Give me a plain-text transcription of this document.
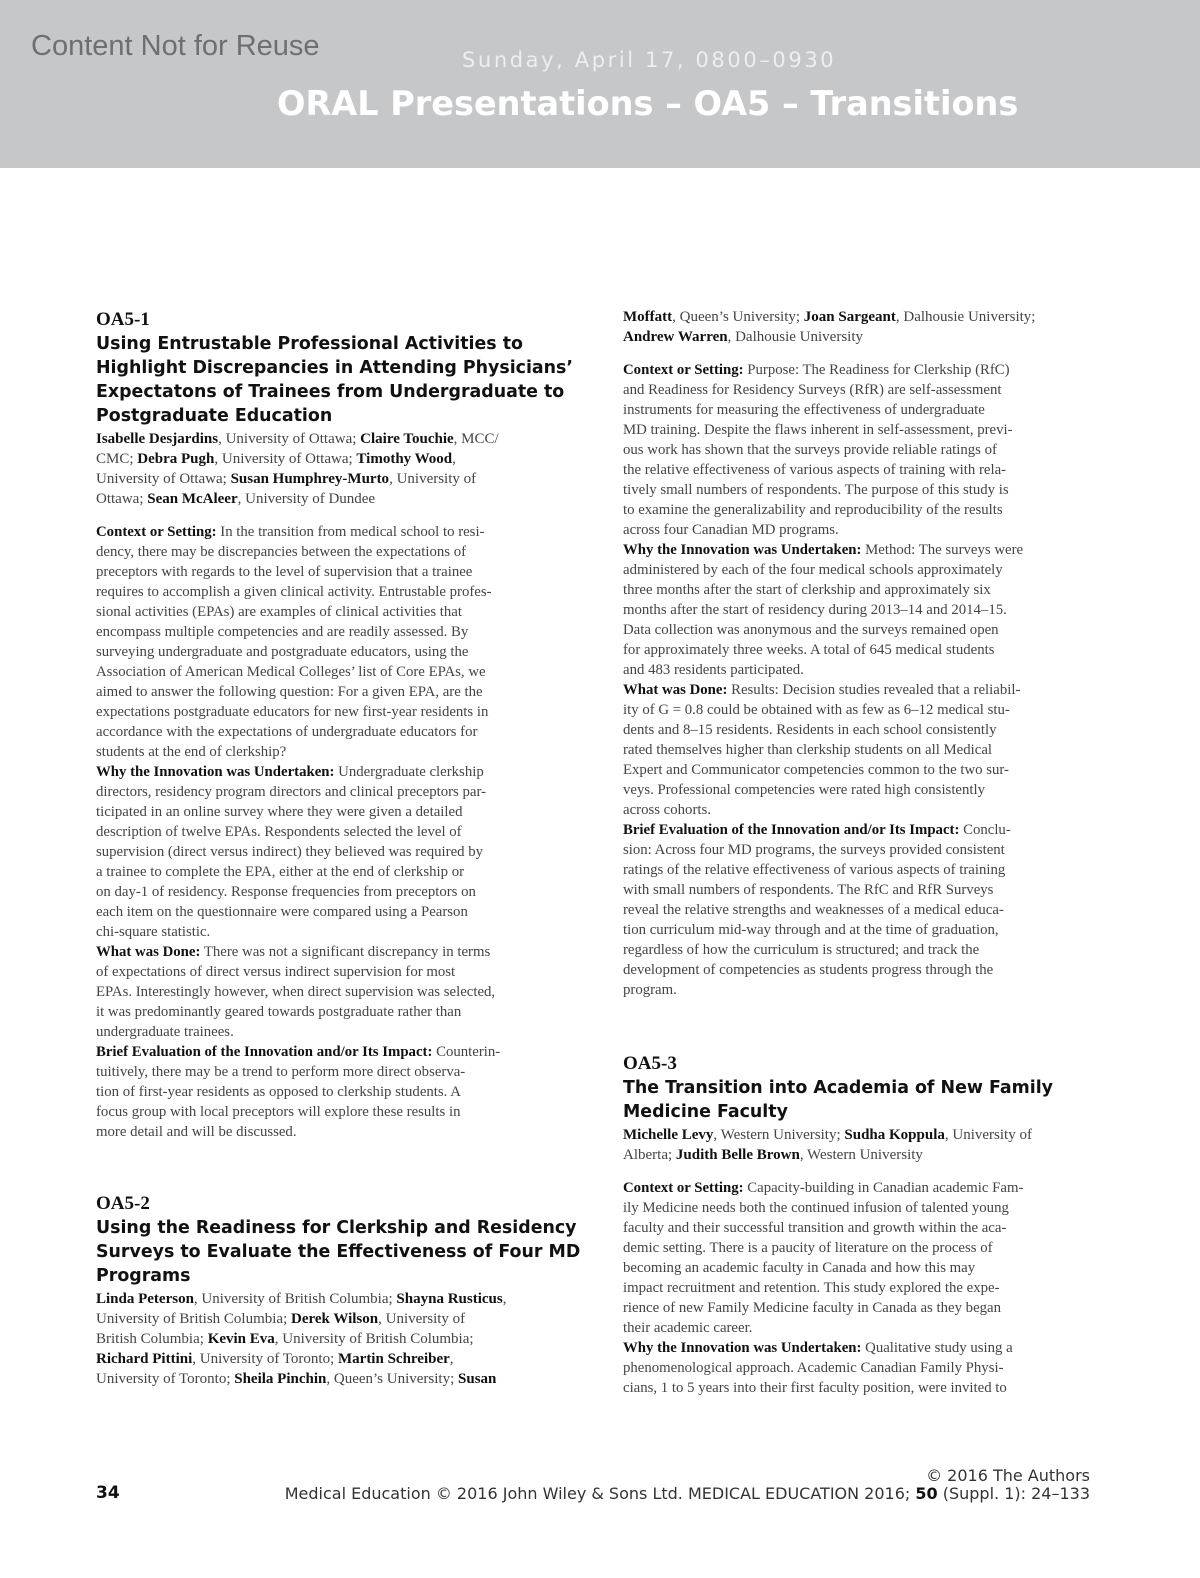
Content Not for Reuse	Sunday, April 17, 0800–0930
ORAL Presentations – OA5 – Transitions
OA5-1
Using Entrustable Professional Activities to
Highlight Discrepancies in Attending Physicians’
Expectatons of Trainees from Undergraduate to
Postgraduate Education
Isabelle Desjardins, University of Ottawa; Claire Touchie, MCC/
CMC; Debra Pugh, University of Ottawa; Timothy Wood,
University of Ottawa; Susan Humphrey-Murto, University of
Ottawa; Sean McAleer, University of Dundee
Context or Setting: In the transition from medical school to resi-
dency, there may be discrepancies between the expectations of
preceptors with regards to the level of supervision that a trainee
requires to accomplish a given clinical activity. Entrustable profes-
sional activities (EPAs) are examples of clinical activities that
encompass multiple competencies and are readily assessed. By
surveying undergraduate and postgraduate educators, using the
Association of American Medical Colleges’ list of Core EPAs, we
aimed to answer the following question: For a given EPA, are the
expectations postgraduate educators for new first-year residents in
accordance with the expectations of undergraduate educators for
students at the end of clerkship?
Why the Innovation was Undertaken: Undergraduate clerkship
directors, residency program directors and clinical preceptors par-
ticipated in an online survey where they were given a detailed
description of twelve EPAs. Respondents selected the level of
supervision (direct versus indirect) they believed was required by
a trainee to complete the EPA, either at the end of clerkship or
on day-1 of residency. Response frequencies from preceptors on
each item on the questionnaire were compared using a Pearson
chi-square statistic.
What was Done: There was not a significant discrepancy in terms
of expectations of direct versus indirect supervision for most
EPAs. Interestingly however, when direct supervision was selected,
it was predominantly geared towards postgraduate rather than
undergraduate trainees.
Brief Evaluation of the Innovation and/or Its Impact: Counterin-
tuitively, there may be a trend to perform more direct observa-
tion of first-year residents as opposed to clerkship students. A
focus group with local preceptors will explore these results in
more detail and will be discussed.
OA5-2
Using the Readiness for Clerkship and Residency
Surveys to Evaluate the Effectiveness of Four MD
Programs
Linda Peterson, University of British Columbia; Shayna Rusticus,
University of British Columbia; Derek Wilson, University of
British Columbia; Kevin Eva, University of British Columbia;
Richard Pittini, University of Toronto; Martin Schreiber,
University of Toronto; Sheila Pinchin, Queen’s University; Susan
Moffatt, Queen’s University; Joan Sargeant, Dalhousie University;
Andrew Warren, Dalhousie University
Context or Setting: Purpose: The Readiness for Clerkship (RfC)
and Readiness for Residency Surveys (RfR) are self-assessment
instruments for measuring the effectiveness of undergraduate
MD training. Despite the flaws inherent in self-assessment, previ-
ous work has shown that the surveys provide reliable ratings of
the relative effectiveness of various aspects of training with rela-
tively small numbers of respondents. The purpose of this study is
to examine the generalizability and reproducibility of the results
across four Canadian MD programs.
Why the Innovation was Undertaken: Method: The surveys were
administered by each of the four medical schools approximately
three months after the start of clerkship and approximately six
months after the start of residency during 2013–14 and 2014–15.
Data collection was anonymous and the surveys remained open
for approximately three weeks. A total of 645 medical students
and 483 residents participated.
What was Done: Results: Decision studies revealed that a reliabil-
ity of G = 0.8 could be obtained with as few as 6–12 medical stu-
dents and 8–15 residents. Residents in each school consistently
rated themselves higher than clerkship students on all Medical
Expert and Communicator competencies common to the two sur-
veys. Professional competencies were rated high consistently
across cohorts.
Brief Evaluation of the Innovation and/or Its Impact: Conclu-
sion: Across four MD programs, the surveys provided consistent
ratings of the relative effectiveness of various aspects of training
with small numbers of respondents. The RfC and RfR Surveys
reveal the relative strengths and weaknesses of a medical educa-
tion curriculum mid-way through and at the time of graduation,
regardless of how the curriculum is structured; and track the
development of competencies as students progress through the
program.
OA5-3
The Transition into Academia of New Family
Medicine Faculty
Michelle Levy, Western University; Sudha Koppula, University of
Alberta; Judith Belle Brown, Western University
Context or Setting: Capacity-building in Canadian academic Fam-
ily Medicine needs both the continued infusion of talented young
faculty and their successful transition and growth within the aca-
demic setting. There is a paucity of literature on the process of
becoming an academic faculty in Canada and how this may
impact recruitment and retention. This study explored the expe-
rience of new Family Medicine faculty in Canada as they began
their academic career.
Why the Innovation was Undertaken: Qualitative study using a
phenomenological approach. Academic Canadian Family Physi-
cians, 1 to 5 years into their first faculty position, were invited to
34
© 2016 The Authors
Medical Education © 2016 John Wiley & Sons Ltd. MEDICAL EDUCATION 2016; 50 (Suppl. 1): 24–133
